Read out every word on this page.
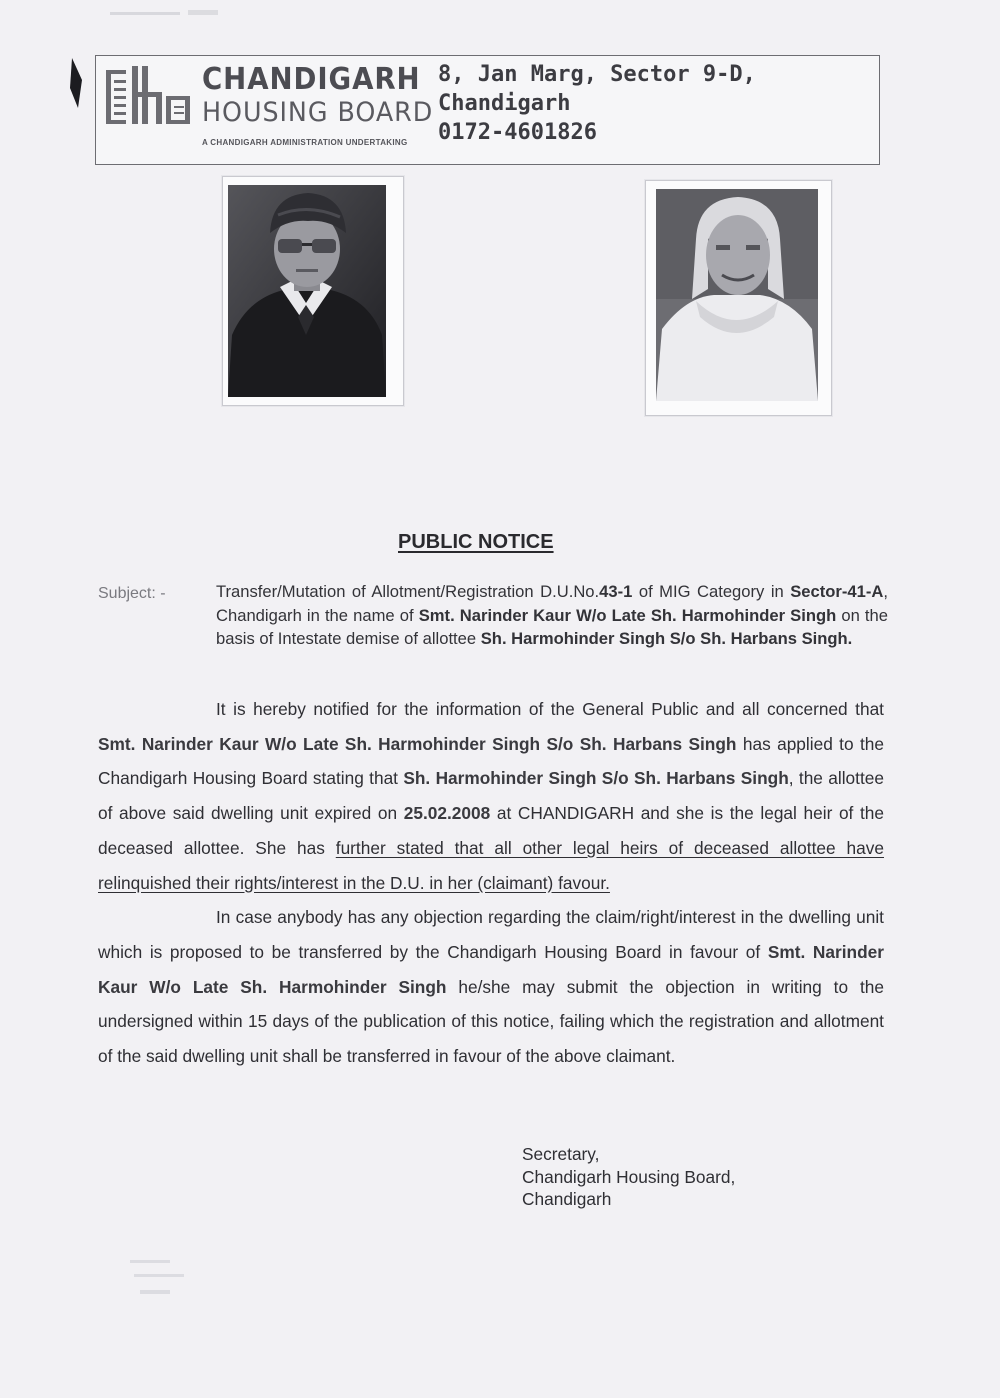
CHANDIGARH
HOUSING BOARD
A CHANDIGARH ADMINISTRATION UNDERTAKING
8, Jan Marg, Sector 9-D,
Chandigarh
0172-4601826
PUBLIC NOTICE
Subject: -	Transfer/Mutation of Allotment/Registration D.U.No.43-1 of MIG Category in Sector-41-A, Chandigarh in the name of Smt. Narinder Kaur W/o Late Sh. Harmohinder Singh on the basis of Intestate demise of allottee Sh. Harmohinder Singh S/o Sh. Harbans Singh.

It is hereby notified for the information of the General Public and all concerned that Smt. Narinder Kaur W/o Late Sh. Harmohinder Singh S/o Sh. Harbans Singh has applied to the Chandigarh Housing Board stating that Sh. Harmohinder Singh S/o Sh. Harbans Singh, the allottee of above said dwelling unit expired on 25.02.2008 at CHANDIGARH and she is the legal heir of the deceased allottee. She has further stated that all other legal heirs of deceased allottee have relinquished their rights/interest in the D.U. in her (claimant) favour.

In case anybody has any objection regarding the claim/right/interest in the dwelling unit which is proposed to be transferred by the Chandigarh Housing Board in favour of Smt. Narinder Kaur W/o Late Sh. Harmohinder Singh he/she may submit the objection in writing to the undersigned within 15 days of the publication of this notice, failing which the registration and allotment of the said dwelling unit shall be transferred in favour of the above claimant.

Secretary,
Chandigarh Housing Board,
Chandigarh
